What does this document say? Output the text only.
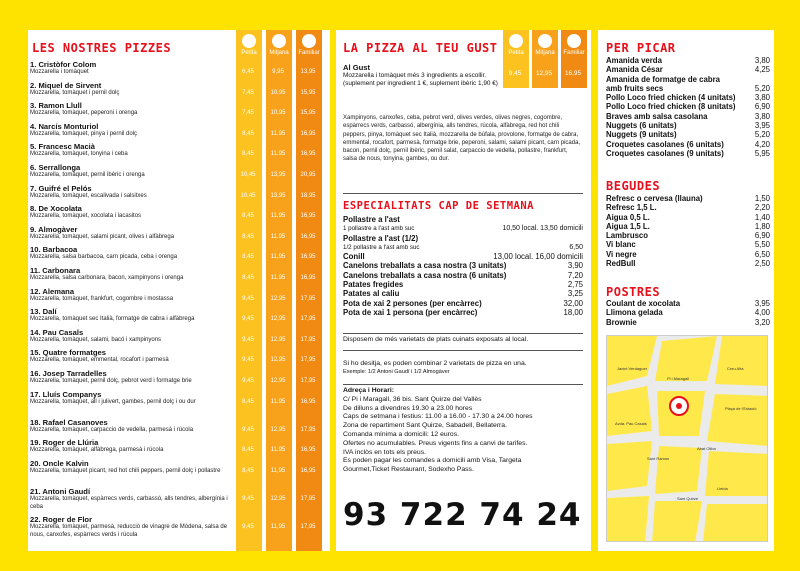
Petita	Mitjana	Familiar
LES NOSTRES PIZZES
1. Cristòfor Colom
Mozzarella i tomàquet	6,45	9,95	13,95
2. Miquel de Sirvent
Mozzarella, tomàquet i pernil dolç	7,45	10,95	15,95
3. Ramon Llull
Mozzarella, tomàquet, peperoni i orenga	7,45	10,95	15,95
4. Narcís Monturiol
Mozzarella, tomàquet, pinya i pernil dolç	8,45	11,95	16,95
5. Francesc Macià
Mozzarella, tomàquet, tonyina i ceba	8,45	11,95	16,95
6. Serrallonga
Mozzarella, tomàquet, pernil ibèric i orenga	10,45	13,95	20,95
7. Guifré el Pelós
Mozzarella, tomàquet, escalivada i salsitxes	10,45	13,95	18,95
8. De Xocolata
Mozzarella, tomàquet, xocolata i lacasitos	8,45	11,95	16,95
9. Almogàver
Mozzarella, tomàquet, salami picant, olives i alfàbrega	8,45	11,95	16,95
10. Barbacoa
Mozzarella, salsa barbacoa, carn picada, ceba i orenga	8,45	11,95	16,95
11. Carbonara
Mozzarella, salsa carbonara, bacon, xampinyons i orenga	8,45	11,95	16,95
12. Alemana
Mozzarella, tomàquet, frankfurt, cogombre i mostassa	9,45	12,95	17,95
13. Dalí
Mozzarella, tomàquet sec Italià, formatge de cabra i alfàbrega	9,45	12,95	17,95
14. Pau Casals
Mozzarella, tomàquet, salami, bacó i xampinyons	9,45	12,95	17,95
15. Quatre formatges
Mozzarella, tomàquet, emmental, rocafort i parmesà	9,45	12,95	17,95
16. Josep Tarradelles
Mozzarella, tomàquet, pernil dolç, pebrot verd i formatge brie	9,45	12,95	17,95
17. Lluís Companys
Mozzarella, tomàquet, all i julivert, gambes, pernil dolç i ou dur	8,45	11,95	16,95
18. Rafael Casanoves
Mozzarella, tomàquet, carpaccio de vedella, parmesà i rúcola	9,45	12,95	17,95
19. Roger de Llúria
Mozzarella, tomàquet, alfàbrega, parmesà i rúcola	8,45	11,95	16,95
20. Oncle Kalvin
Mozzarella, tomàquet picant, red hot chili peppers, pernil dolç i pollastre	8,45	11,95	16,95
21. Antoni Gaudí
Mozzarella, tomàquet, espàrrecs verds, carbassó, alls tendres, albergínia i ceba
9,45	12,95	17,95
22. Roger de Flor
Mozzarella, tomàquet, parmesà, reducció de vinagre de Mòdena, salsa de nous, canxofes, espàrrecs verds i rúcula
9,45	11,95	17,95
Petita	Mitjana	Familiar
LA PIZZA AL TEU GUST
Al Gust
Mozzarella i tomàquet més 3 ingredients a escollir. (suplement per ingredient 1 €, suplement ibèric 1,90 €)
9,45	12,95	16,95
Xampinyons, canxofes, ceba, pebrot verd, olives verdes, olives negres, cogombre, espàrrecs verds, carbassó, albergínia, alls tendres, rúcola, alfàbrega, red hot chili peppers, pinya, tomàquet sec Italià, mozzarella de búfala, provolone, formatge de cabra, emmental, rocafort, parmesà, formatge brie, peperoni, salami, salami picant, carn picada, bacon, pernil dolç, pernil ibèric, pernil salat, carpaccio de vedella, pollastre, frankfurt, salsa de nous, tonyina, gambes, ou dur.
ESPECIALITATS CAP DE SETMANA
Pollastre a l'ast
1 pollastre a l'ast amb suc	10,50 local. 13,50 domicili
Pollastre a l'ast (1/2)
1/2 pollastre a l'ast amb suc	6,50
Conill	13,00 local. 16,00 domicili
Canelons treballats a casa nostra (3 unitats)	3,90
Canelons treballats a casa nostra (6 unitats)	7,20
Patates fregides	2,75
Patates al caliu	3,25
Pota de xai 2 persones (per encàrrec)	32,00
Pota de xai 1 persona (per encàrrec)	18,00
Disposem de més varietats de plats cuinats exposats al local.
Si ho desitja, es poden combinar 2 varietats de pizza en una.
Exemple: 1/2 Antoni Gaudí i 1/2 Almogàver
Adreça i Horari:
C/ Pi i Maragall, 36 bis. Sant Quirze del Vallès
De dilluns a divendres 19.30 a 23.00 hores
Caps de setmana i festius: 11.00 a 16.00 - 17.30 a 24.00 hores
Zona de repartiment Sant Quirze, Sabadell, Bellaterra.
Comanda mínima a domicili: 12 euros.
Ofertes no acumulables. Preus vigents fins a canvi de tarifes.
IVA inclòs en tots els preus.
Es poden pagar les comandes a domicili amb Visa, Targeta
Gourmet,Ticket Restaurant, Sodexho Pass.
93 722 74 24
PER PICAR
Amanida verda	3,80
Amanida César	4,25
Amanida de formatge de cabra
amb fruits secs	5,20
Pollo Loco fried chicken (4 unitats) 3,80
Pollo Loco fried chicken (8 unitats) 6,90
Braves amb salsa casolana	3,80
Nuggets (6 unitats)	3,95
Nuggets (9 unitats)	5,20
Croquetes casolanes (6 unitats)	4,20
Croquetes casolanes (9 unitats)	5,95
BEGUDES
Refresc o cervesa (llauna)	1,50
Refresc 1,5 L.	2,20
Aigua 0,5 L.	1,40
Aigua 1,5 L.	1,80
Lambrusco	6,90
Vi blanc	5,50
Vi negre	6,50
RedBull	2,50
POSTRES
Coulant de xocolata	3,95
Llimona gelada	4,00
Brownie	3,20
Pi i Maragall
Plaça de l'Estació
Avda. Pau Casals
Sant Ramon
Sant Quirze
Creu Alta
Jacint Verdaguer
Abat Oliba
Lleida
